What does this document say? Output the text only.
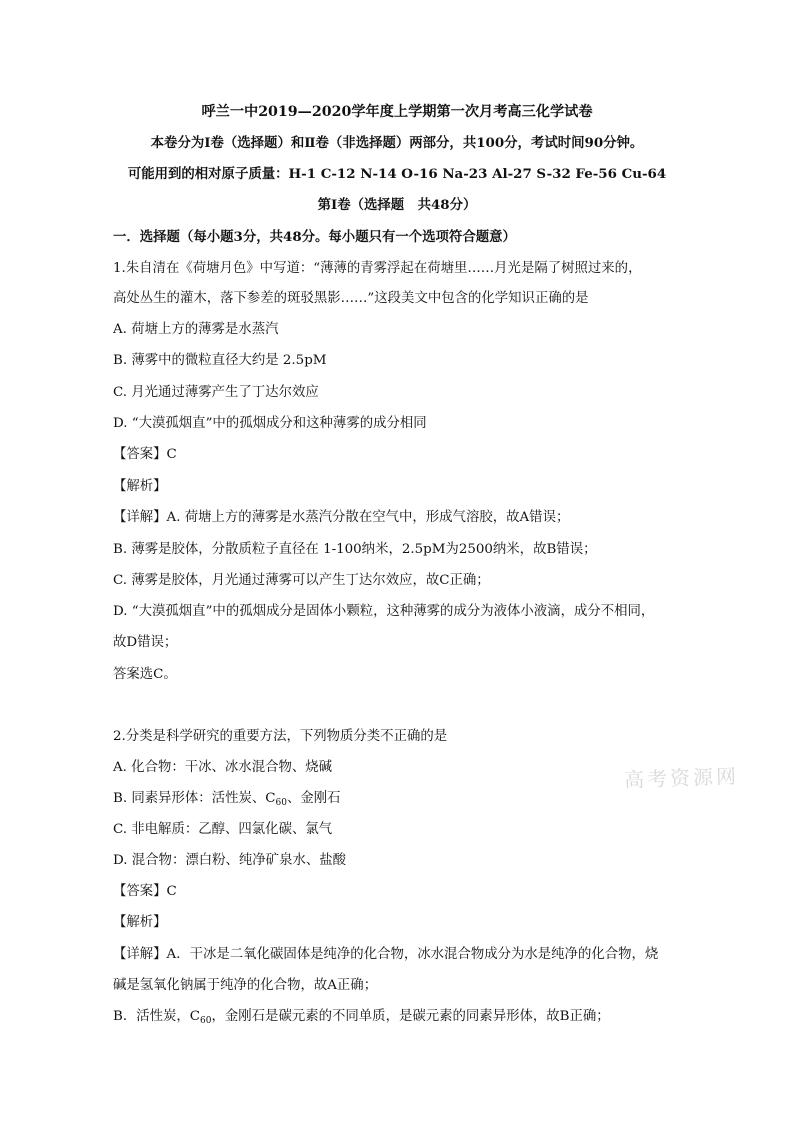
呼兰一中2019—2020学年度上学期第一次月考高三化学试卷
本卷分为Ⅰ卷（选择题）和Ⅱ卷（非选择题）两部分，共100分，考试时间90分钟。
可能用到的相对原子质量：H-1 C-12 N-14 O-16 Na-23 Al-27 S-32 Fe-56 Cu-64
第Ⅰ卷（选择题　共48分）
一．选择题（每小题3分，共48分。每小题只有一个选项符合题意）
1.朱自清在《荷塘月色》中写道：“薄薄的青雾浮起在荷塘里……月光是隔了树照过来的，
高处丛生的灌木，落下参差的斑驳黑影……”这段美文中包含的化学知识正确的是
A. 荷塘上方的薄雾是水蒸汽
B. 薄雾中的微粒直径大约是 2.5pM
C. 月光通过薄雾产生了丁达尔效应
D. “大漠孤烟直”中的孤烟成分和这种薄雾的成分相同
【答案】C
【解析】
【详解】A. 荷塘上方的薄雾是水蒸汽分散在空气中，形成气溶胶，故A错误；
B. 薄雾是胶体，分散质粒子直径在 1-100纳米，2.5pM为2500纳米，故B错误；
C. 薄雾是胶体，月光通过薄雾可以产生丁达尔效应，故C正确；
D. “大漠孤烟直”中的孤烟成分是固体小颗粒，这种薄雾的成分为液体小液滴，成分不相同，
故D错误；
答案选C。
2.分类是科学研究的重要方法，下列物质分类不正确的是
A. 化合物：干冰、冰水混合物、烧碱
B. 同素异形体：活性炭、$C_{60}$、金刚石
C. 非电解质：乙醇、四氯化碳、氯气
D. 混合物：漂白粉、纯净矿泉水、盐酸
【答案】C
【解析】
【详解】A．干冰是二氧化碳固体是纯净的化合物，冰水混合物成分为水是纯净的化合物，烧
碱是氢氧化钠属于纯净的化合物，故A正确；
B．活性炭，$C_{60}$，金刚石是碳元素的不同单质，是碳元素的同素异形体，故B正确；
高考资源网
